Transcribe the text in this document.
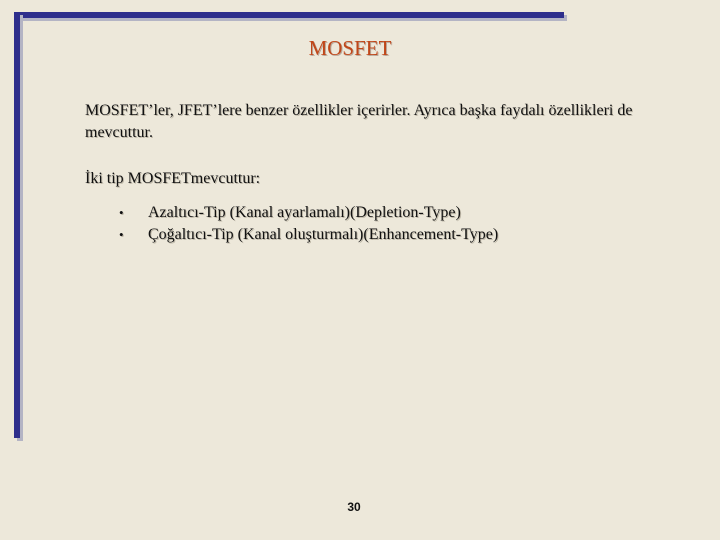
MOSFET

MOSFET’ler, JFET’lere benzer özellikler içerirler. Ayrıca başka faydalı özellikleri de mevcuttur.

İki tip MOSFETmevcuttur:

• Azaltıcı-Tip (Kanal ayarlamalı)(Depletion-Type)
• Çoğaltıcı-Tip (Kanal oluşturmalı)(Enhancement-Type)
30
